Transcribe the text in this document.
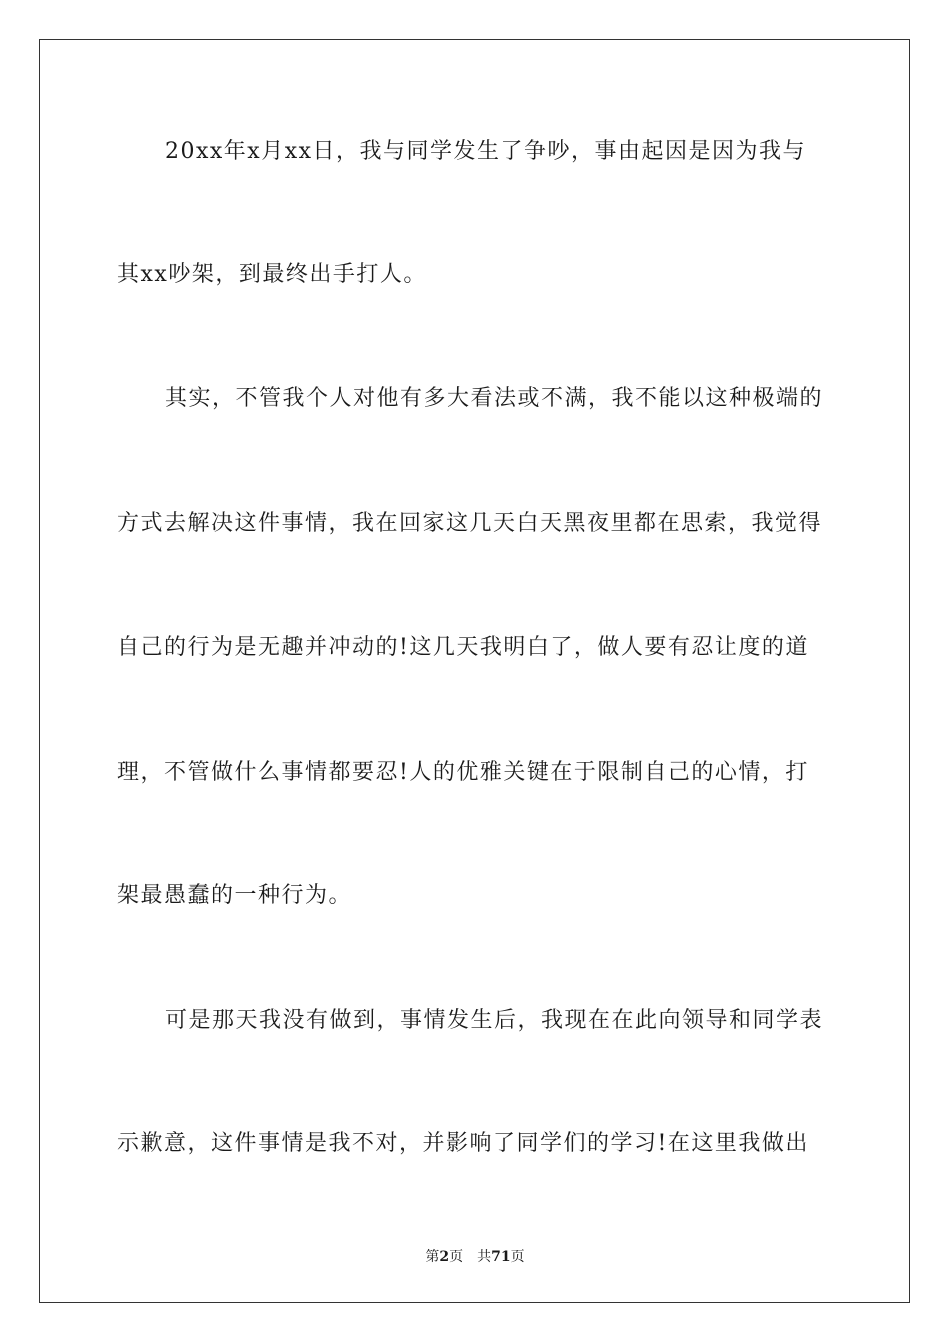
20xx年x月xx日，我与同学发生了争吵，事由起因是因为我与
其xx吵架，到最终出手打人。
其实，不管我个人对他有多大看法或不满，我不能以这种极端的
方式去解决这件事情，我在回家这几天白天黑夜里都在思索，我觉得
自己的行为是无趣并冲动的!这几天我明白了，做人要有忍让度的道
理，不管做什么事情都要忍!人的优雅关键在于限制自己的心情，打
架最愚蠢的一种行为。
可是那天我没有做到，事情发生后，我现在在此向领导和同学表
示歉意，这件事情是我不对，并影响了同学们的学习!在这里我做出
第2页 共71页
